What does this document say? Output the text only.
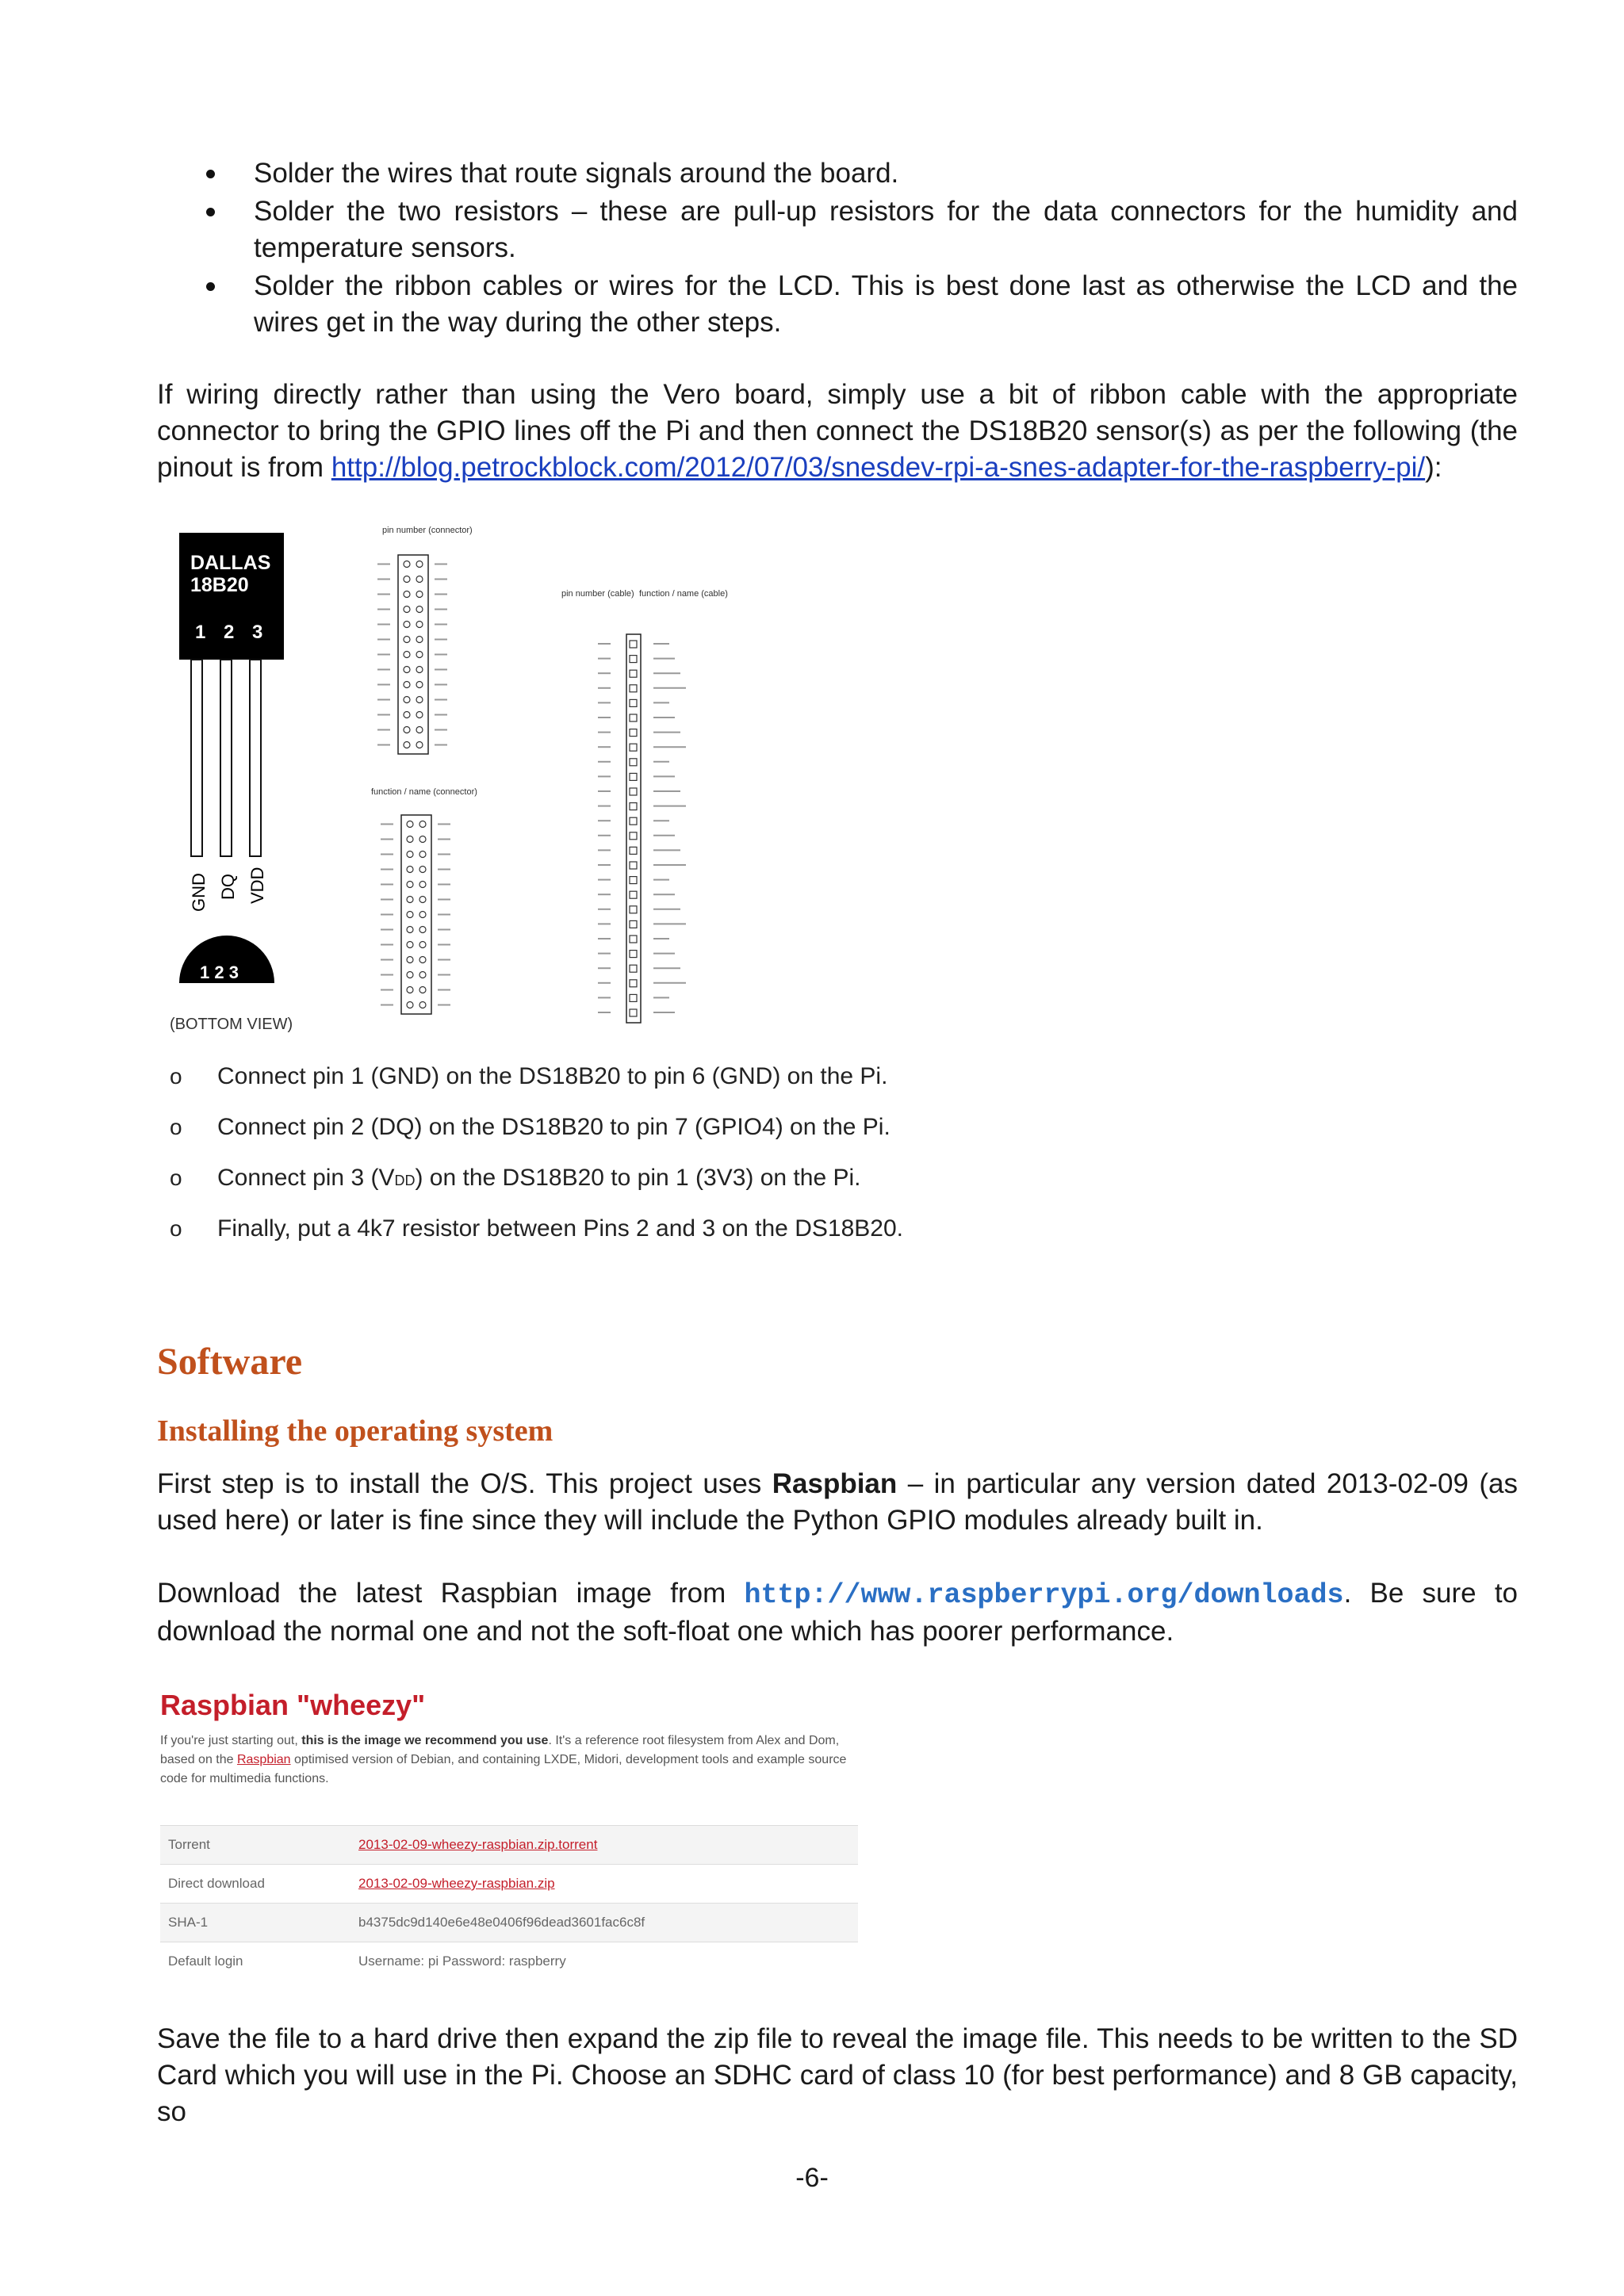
Solder the wires that route signals around the board.
Solder the two resistors – these are pull-up resistors for the data connectors for the humidity and temperature sensors.
Solder the ribbon cables or wires for the LCD. This is best done last as otherwise the LCD and the wires get in the way during the other steps.
If wiring directly rather than using the Vero board, simply use a bit of ribbon cable with the appropriate connector to bring the GPIO lines off the Pi and then connect the DS18B20 sensor(s) as per the following (the pinout is from http://blog.petrockblock.com/2012/07/03/snesdev-rpi-a-snes-adapter-for-the-raspberry-pi/):
DALLAS
18B20
1 2 3
GND DQ VDD
1 2 3
(BOTTOM VIEW)
pin number (connector)
function / name (connector)
pin number (cable) function / name (cable)
o Connect pin 1 (GND) on the DS18B20 to pin 6 (GND) on the Pi.
o Connect pin 2 (DQ) on the DS18B20 to pin 7 (GPIO4) on the Pi.
o Connect pin 3 (VDD) on the DS18B20 to pin 1 (3V3) on the Pi.
o Finally, put a 4k7 resistor between Pins 2 and 3 on the DS18B20.
Software
Installing the operating system
First step is to install the O/S. This project uses Raspbian – in particular any version dated 2013-02-09 (as used here) or later is fine since they will include the Python GPIO modules already built in.
Download the latest Raspbian image from http://www.raspberrypi.org/downloads. Be sure to download the normal one and not the soft-float one which has poorer performance.
Raspbian "wheezy"
If you're just starting out, this is the image we recommend you use. It's a reference root filesystem from Alex and Dom, based on the Raspbian optimised version of Debian, and containing LXDE, Midori, development tools and example source code for multimedia functions.
Torrent	2013-02-09-wheezy-raspbian.zip.torrent
Direct download	2013-02-09-wheezy-raspbian.zip
SHA-1	b4375dc9d140e6e48e0406f96dead3601fac6c8f
Default login	Username: pi Password: raspberry
Save the file to a hard drive then expand the zip file to reveal the image file. This needs to be written to the SD Card which you will use in the Pi. Choose an SDHC card of class 10 (for best performance) and 8 GB capacity, so
-6-
